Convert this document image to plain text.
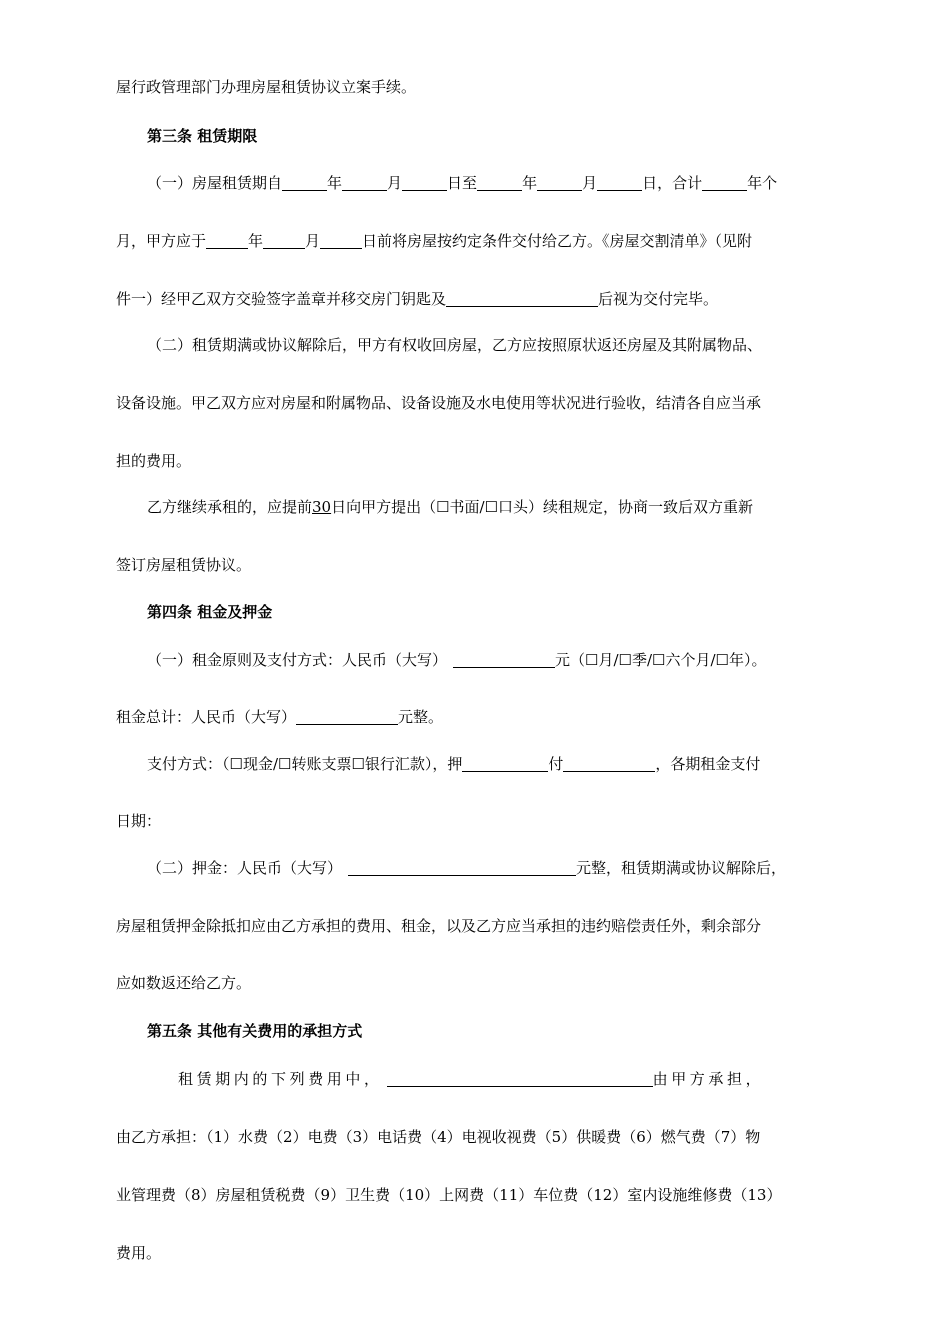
屋行政管理部门办理房屋租赁协议立案手续。
第三条 租赁期限
（一）房屋租赁期自	年	月	日至	年	月	日，合计	年个
月，甲方应于	年	月	日前将房屋按约定条件交付给乙方。《房屋交割清单》（见附
件一）经甲乙双方交验签字盖章并移交房门钥匙及	后视为交付完毕。
（二）租赁期满或协议解除后，甲方有权收回房屋，乙方应按照原状返还房屋及其附属物品、
设备设施。甲乙双方应对房屋和附属物品、设备设施及水电使用等状况进行验收，结清各自应当承
担的费用。
乙方继续承租的，应提前30日向甲方提出（☐书面/☐口头）续租规定，协商一致后双方重新
签订房屋租赁协议。
第四条 租金及押金
（一）租金原则及支付方式：人民币（大写）	元（☐月/☐季/☐六个月/☐年）。
租金总计：人民币（大写）	元整。
支付方式：（☐现金/☐转账支票☐银行汇款），押	付	，各期租金支付
日期：
（二）押金：人民币（大写）	元整，租赁期满或协议解除后，
房屋租赁押金除抵扣应由乙方承担的费用、租金，以及乙方应当承担的违约赔偿责任外，剩余部分
应如数返还给乙方。
第五条 其他有关费用的承担方式
租赁期内的下列费用中，	由甲方承担，
由乙方承担：（1）水费（2）电费（3）电话费（4）电视收视费（5）供暖费（6）燃气费（7）物
业管理费（8）房屋租赁税费（9）卫生费（10）上网费（11）车位费（12）室内设施维修费（13）
费用。
